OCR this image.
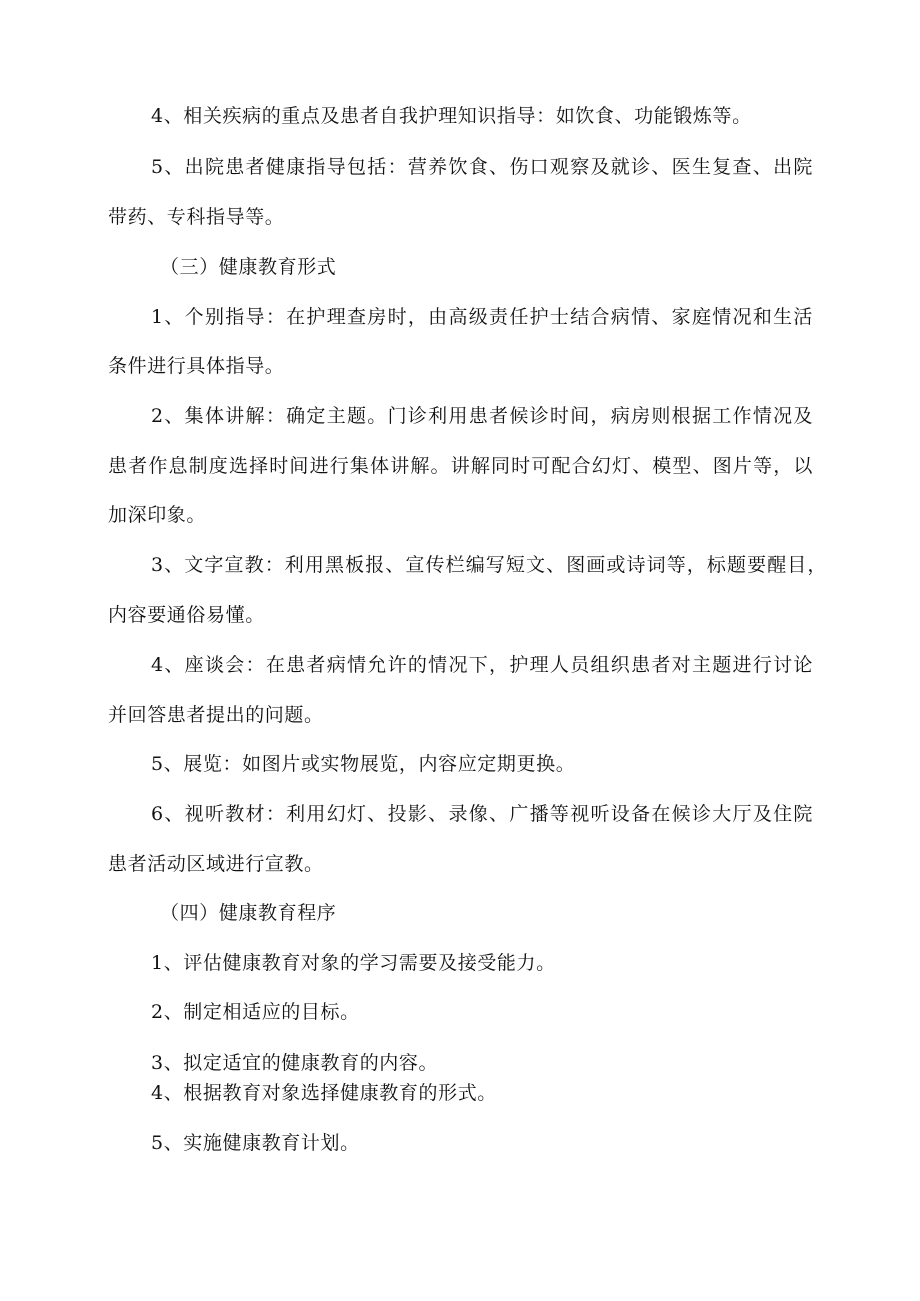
4、相关疾病的重点及患者自我护理知识指导：如饮食、功能锻炼等。
5、出院患者健康指导包括：营养饮食、伤口观察及就诊、医生复查、出院
带药、专科指导等。
（三）健康教育形式
1、个别指导：在护理查房时，由高级责任护士结合病情、家庭情况和生活
条件进行具体指导。
2、集体讲解：确定主题。门诊利用患者候诊时间，病房则根据工作情况及
患者作息制度选择时间进行集体讲解。讲解同时可配合幻灯、模型、图片等，以
加深印象。
3、文字宣教：利用黑板报、宣传栏编写短文、图画或诗词等，标题要醒目，
内容要通俗易懂。
4、座谈会：在患者病情允许的情况下，护理人员组织患者对主题进行讨论
并回答患者提出的问题。
5、展览：如图片或实物展览，内容应定期更换。
6、视听教材：利用幻灯、投影、录像、广播等视听设备在候诊大厅及住院
患者活动区域进行宣教。
（四）健康教育程序
1、评估健康教育对象的学习需要及接受能力。
2、制定相适应的目标。
3、拟定适宜的健康教育的内容。
4、根据教育对象选择健康教育的形式。
5、实施健康教育计划。
